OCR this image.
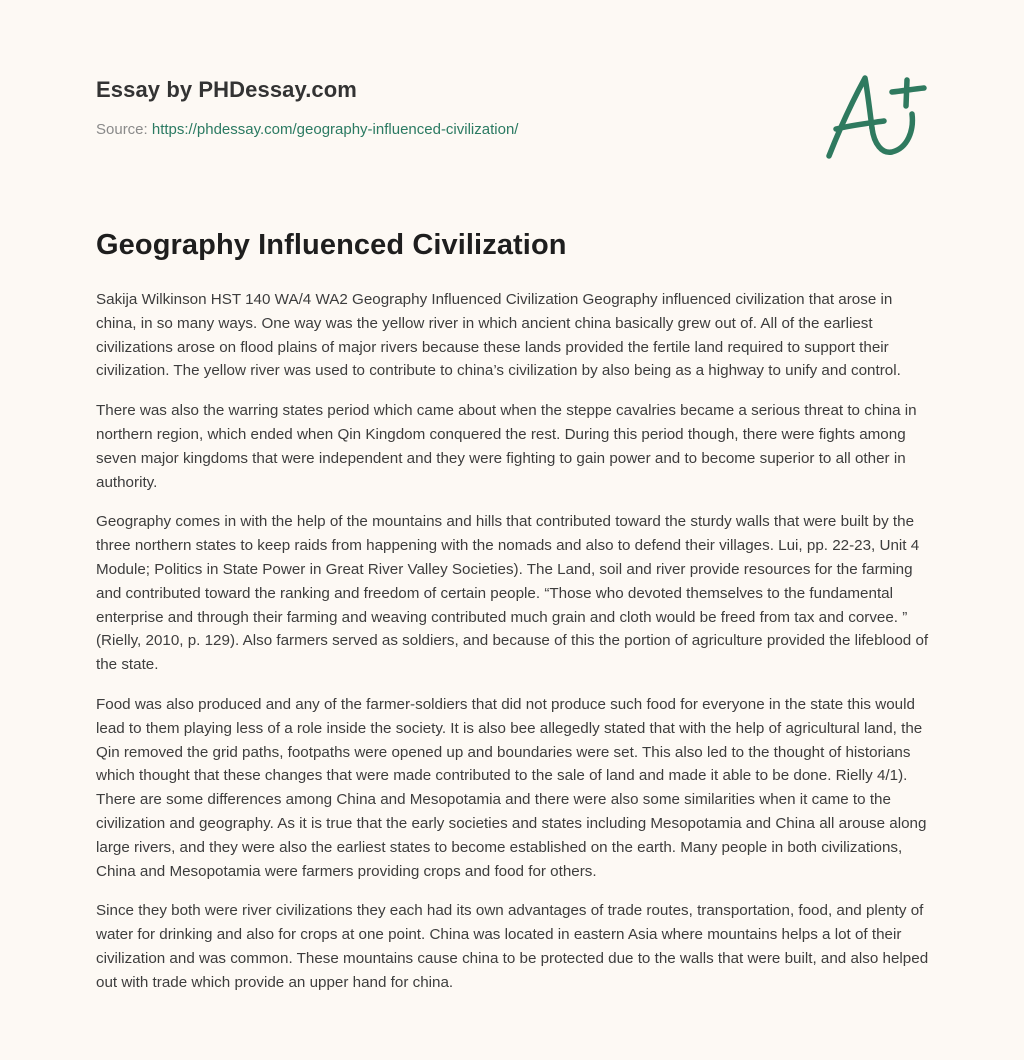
Essay by PHDessay.com
Source: https://phdessay.com/geography-influenced-civilization/
Geography Influenced Civilization

Sakija Wilkinson HST 140 WA/4 WA2 Geography Influenced Civilization Geography influenced civilization that arose in china, in so many ways. One way was the yellow river in which ancient china basically grew out of. All of the earliest civilizations arose on flood plains of major rivers because these lands provided the fertile land required to support their civilization. The yellow river was used to contribute to china’s civilization by also being as a highway to unify and control.

There was also the warring states period which came about when the steppe cavalries became a serious threat to china in northern region, which ended when Qin Kingdom conquered the rest. During this period though, there were fights among seven major kingdoms that were independent and they were fighting to gain power and to become superior to all other in authority.

Geography comes in with the help of the mountains and hills that contributed toward the sturdy walls that were built by the three northern states to keep raids from happening with the nomads and also to defend their villages. Lui, pp. 22-23, Unit 4 Module; Politics in State Power in Great River Valley Societies). The Land, soil and river provide resources for the farming and contributed toward the ranking and freedom of certain people. “Those who devoted themselves to the fundamental enterprise and through their farming and weaving contributed much grain and cloth would be freed from tax and corvee. ” (Rielly, 2010, p. 129). Also farmers served as soldiers, and because of this the portion of agriculture provided the lifeblood of the state.

Food was also produced and any of the farmer-soldiers that did not produce such food for everyone in the state this would lead to them playing less of a role inside the society. It is also bee allegedly stated that with the help of agricultural land, the Qin removed the grid paths, footpaths were opened up and boundaries were set. This also led to the thought of historians which thought that these changes that were made contributed to the sale of land and made it able to be done. Rielly 4/1). There are some differences among China and Mesopotamia and there were also some similarities when it came to the civilization and geography. As it is true that the early societies and states including Mesopotamia and China all arouse along large rivers, and they were also the earliest states to become established on the earth. Many people in both civilizations, China and Mesopotamia were farmers providing crops and food for others.

Since they both were river civilizations they each had its own advantages of trade routes, transportation, food, and plenty of water for drinking and also for crops at one point. China was located in eastern Asia where mountains helps a lot of their civilization and was common. These mountains cause china to be protected due to the walls that were built, and also helped out with trade which provide an upper hand for china.
